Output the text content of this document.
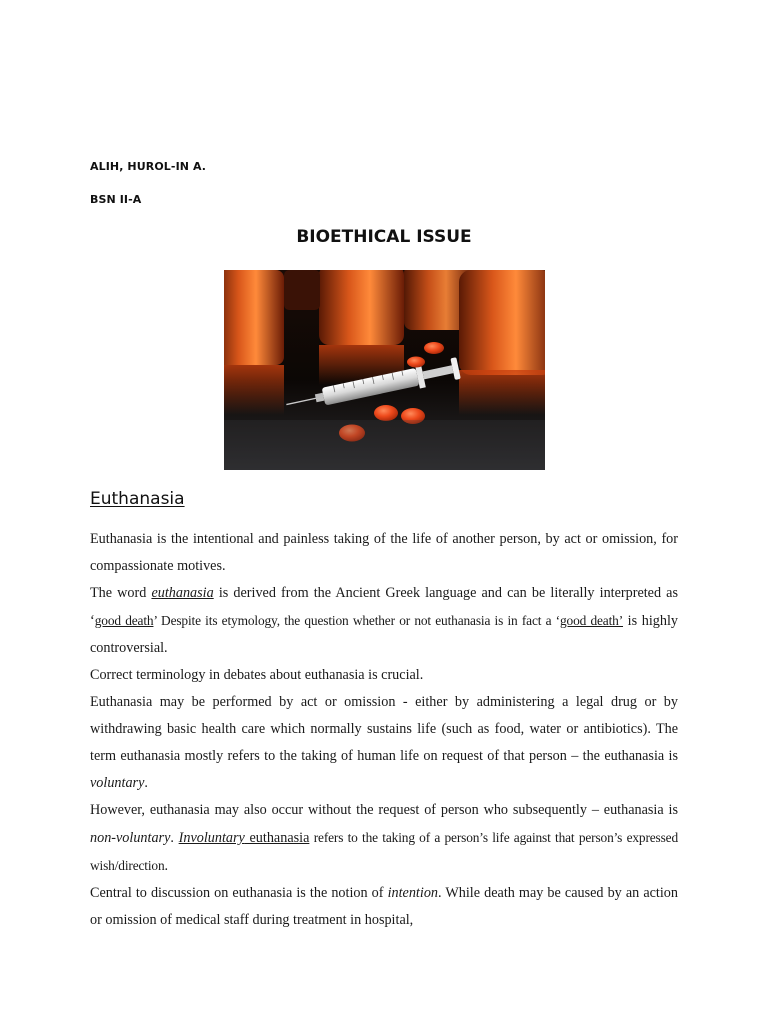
ALIH, HUROL-IN A.
BSN II-A
BIOETHICAL ISSUE
Euthanasia

Euthanasia is the intentional and painless taking of the life of another person, by act or omission, for compassionate motives.

The word euthanasia is derived from the Ancient Greek language and can be literally interpreted as ‘good death’ Despite its etymology, the question whether or not euthanasia is in fact a ‘good death’ is highly controversial.

Correct terminology in debates about euthanasia is crucial.

Euthanasia may be performed by act or omission - either by administering a legal drug or by withdrawing basic health care which normally sustains life (such as food, water or antibiotics). The term euthanasia mostly refers to the taking of human life on request of that person – the euthanasia is voluntary.

However, euthanasia may also occur without the request of person who subsequently – euthanasia is non-voluntary. Involuntary euthanasia refers to the taking of a person’s life against that person’s expressed wish/direction.

Central to discussion on euthanasia is the notion of intention. While death may be caused by an action or omission of medical staff during treatment in hospital,
